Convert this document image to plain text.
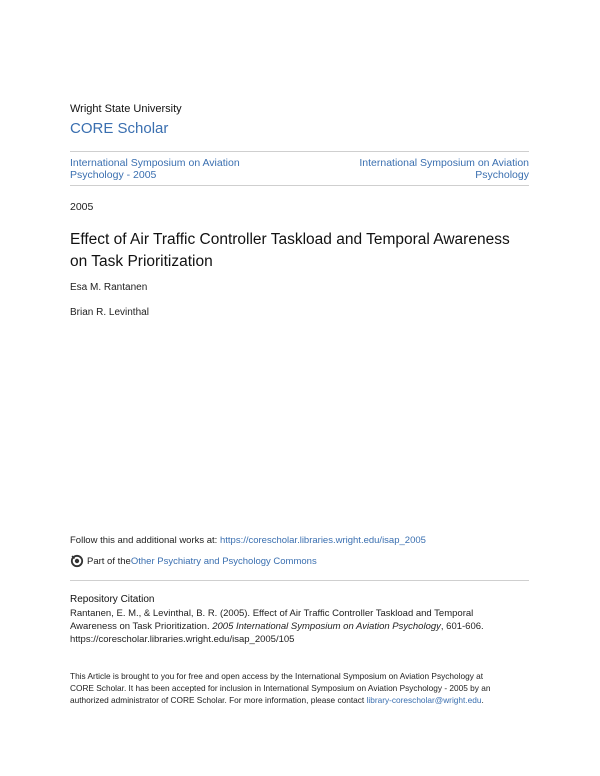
Wright State University
CORE Scholar
International Symposium on Aviation
Psychology - 2005
International Symposium on Aviation
Psychology
2005
Effect of Air Traffic Controller Taskload and Temporal Awareness
on Task Prioritization
Esa M. Rantanen
Brian R. Levinthal
Follow this and additional works at: https://corescholar.libraries.wright.edu/isap_2005
Part of the Other Psychiatry and Psychology Commons
Repository Citation
Rantanen, E. M., & Levinthal, B. R. (2005). Effect of Air Traffic Controller Taskload and Temporal
Awareness on Task Prioritization. 2005 International Symposium on Aviation Psychology, 601-606.
https://corescholar.libraries.wright.edu/isap_2005/105
This Article is brought to you for free and open access by the International Symposium on Aviation Psychology at
CORE Scholar. It has been accepted for inclusion in International Symposium on Aviation Psychology - 2005 by an
authorized administrator of CORE Scholar. For more information, please contact library-corescholar@wright.edu.
